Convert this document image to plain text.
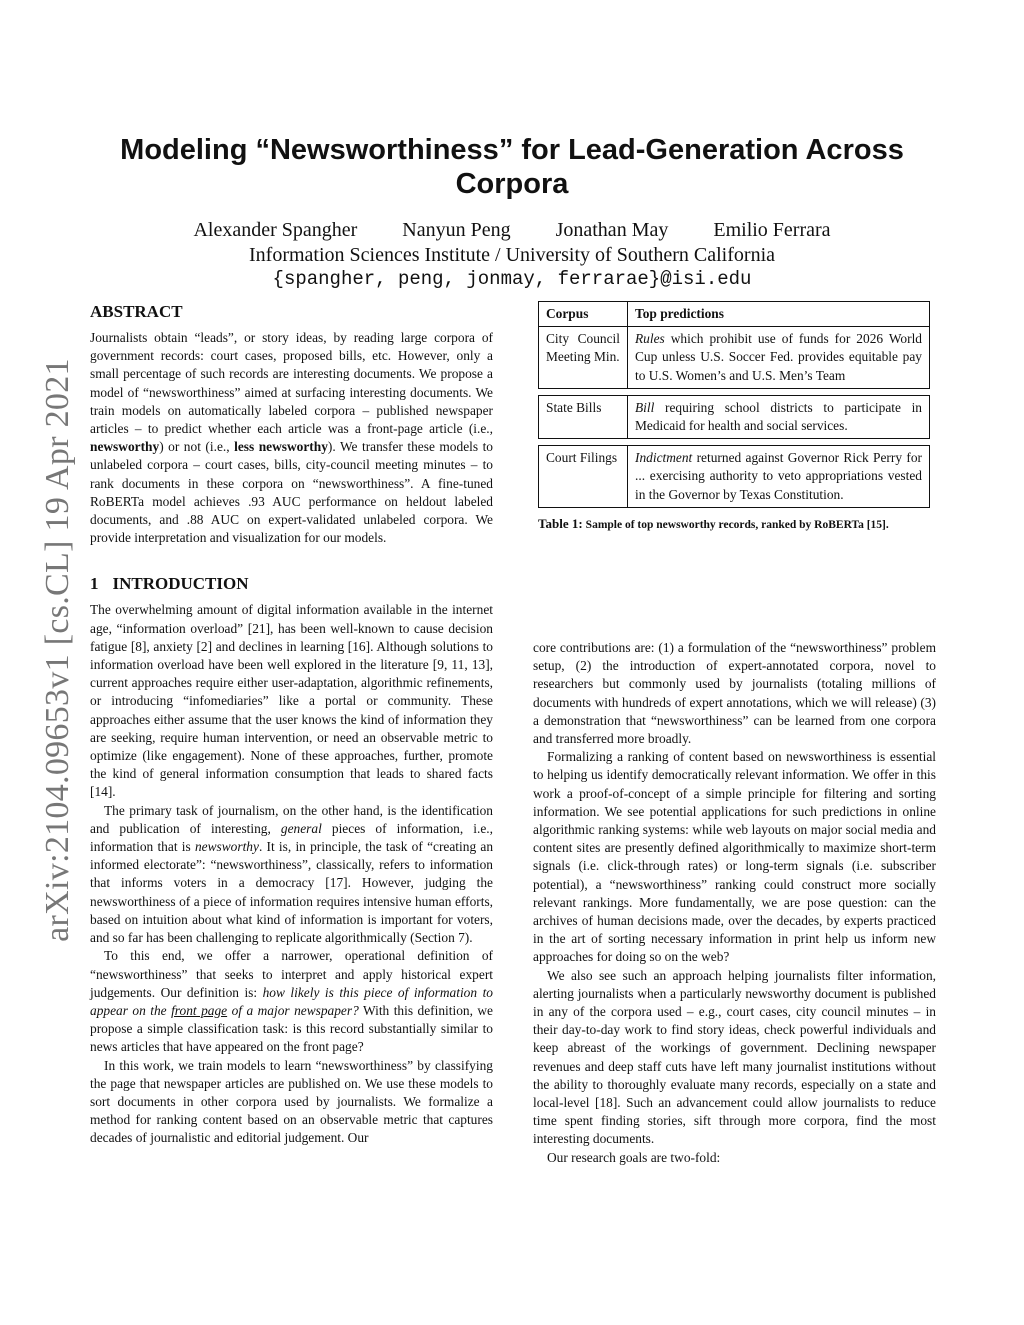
arXiv:2104.09653v1 [cs.CL] 19 Apr 2021
Modeling “Newsworthiness” for Lead-Generation Across Corpora
Alexander Spangher Nanyun Peng Jonathan May Emilio Ferrara
Information Sciences Institute / University of Southern California
{spangher, peng, jonmay, ferrarae}@isi.edu
ABSTRACT

Journalists obtain “leads”, or story ideas, by reading large corpora of government records: court cases, proposed bills, etc. However, only a small percentage of such records are interesting documents. We propose a model of “newsworthiness” aimed at surfacing interesting documents. We train models on automatically labeled corpora – published newspaper articles – to predict whether each article was a front-page article (i.e., newsworthy) or not (i.e., less newsworthy). We transfer these models to unlabeled corpora – court cases, bills, city-council meeting minutes – to rank documents in these corpora on “newsworthiness”. A fine-tuned RoBERTa model achieves .93 AUC performance on heldout labeled documents, and .88 AUC on expert-validated unlabeled corpora. We provide interpretation and visualization for our models.

1 INTRODUCTION

The overwhelming amount of digital information available in the internet age, “information overload” [21], has been well-known to cause decision fatigue [8], anxiety [2] and declines in learning [16]. Although solutions to information overload have been well explored in the literature [9, 11, 13], current approaches require either user-adaptation, algorithmic refinements, or introducing “infomediaries” like a portal or community. These approaches either assume that the user knows the kind of information they are seeking, require human intervention, or need an observable metric to optimize (like engagement). None of these approaches, further, promote the kind of general information consumption that leads to shared facts [14].

The primary task of journalism, on the other hand, is the identification and publication of interesting, general pieces of information, i.e., information that is newsworthy. It is, in principle, the task of “creating an informed electorate”: “newsworthiness”, classically, refers to information that informs voters in a democracy [17]. However, judging the newsworthiness of a piece of information requires intensive human efforts, based on intuition about what kind of information is important for voters, and so far has been challenging to replicate algorithmically (Section 7).

To this end, we offer a narrower, operational definition of “newsworthiness” that seeks to interpret and apply historical expert judgements. Our definition is: how likely is this piece of information to appear on the front page of a major newspaper? With this definition, we propose a simple classification task: is this record substantially similar to news articles that have appeared on the front page?

In this work, we train models to learn “newsworthiness” by classifying the page that newspaper articles are published on. We use these models to sort documents in other corpora used by journalists. We formalize a method for ranking content based on an observable metric that captures decades of journalistic and editorial judgement. Our

Corpus	Top predictions
City Council Meeting Min.	Rules which prohibit use of funds for 2026 World Cup unless U.S. Soccer Fed. provides equitable pay to U.S. Women’s and U.S. Men’s Team

State Bills	Bill requiring school districts to participate in Medicaid for health and social services.

Court Filings	Indictment returned against Governor Rick Perry for ... exercising authority to veto appropriations vested in the Governor by Texas Constitution.
Table 1: Sample of top newsworthy records, ranked by RoBERTa [15].

core contributions are: (1) a formulation of the “newsworthiness” problem setup, (2) the introduction of expert-annotated corpora, novel to researchers but commonly used by journalists (totaling millions of documents with hundreds of expert annotations, which we will release) (3) a demonstration that “newsworthiness” can be learned from one corpora and transferred more broadly.

Formalizing a ranking of content based on newsworthiness is essential to helping us identify democratically relevant information. We offer in this work a proof-of-concept of a simple principle for filtering and sorting information. We see potential applications for such predictions in online algorithmic ranking systems: while web layouts on major social media and content sites are presently defined algorithmically to maximize short-term signals (i.e. click-through rates) or long-term signals (i.e. subscriber potential), a “newsworthiness” ranking could construct more socially relevant rankings. More fundamentally, we are pose question: can the archives of human decisions made, over the decades, by experts practiced in the art of sorting necessary information in print help us inform new approaches for doing so on the web?

We also see such an approach helping journalists filter information, alerting journalists when a particularly newsworthy document is published in any of the corpora used – e.g., court cases, city council minutes – in their day-to-day work to find story ideas, check powerful individuals and keep abreast of the workings of government. Declining newspaper revenues and deep staff cuts have left many journalist institutions without the ability to thoroughly evaluate many records, especially on a state and local-level [18]. Such an advancement could allow journalists to reduce time spent finding stories, sift through more corpora, find the most interesting documents.

Our research goals are two-fold:
